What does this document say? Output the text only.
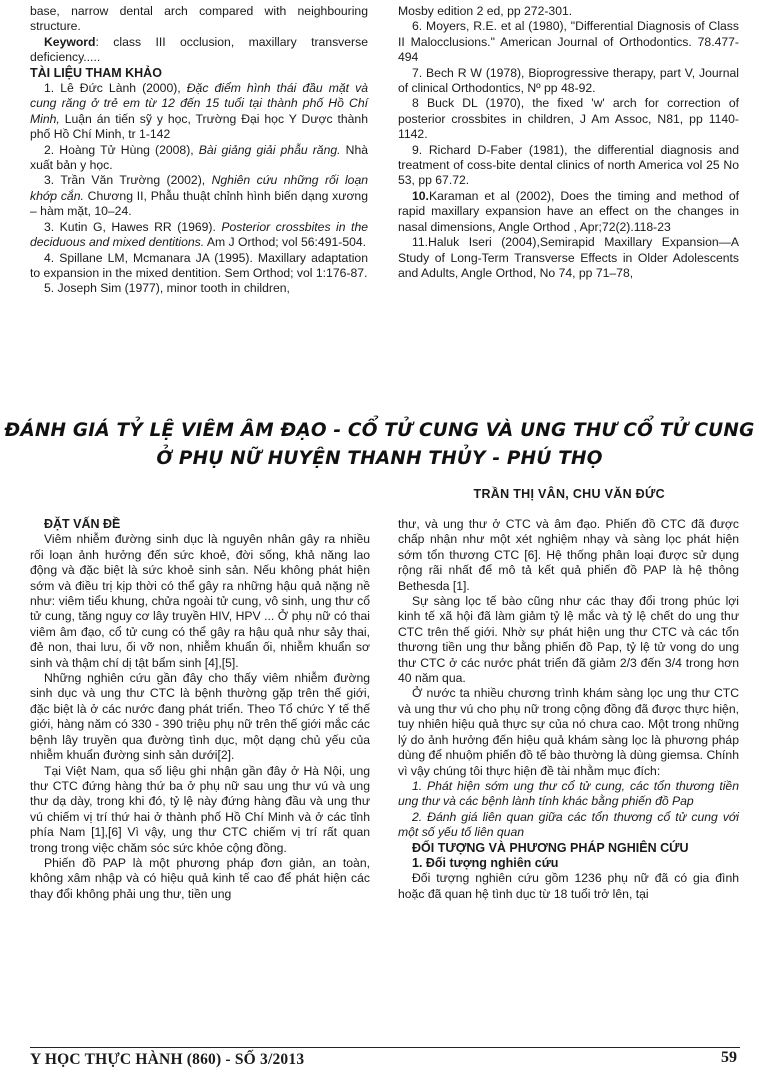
base, narrow dental arch compared with neighbouring structure.

Keyword: class III occlusion, maxillary transverse deficiency.....

TÀI LIỆU THAM KHẢO

1. Lê Đức Lành (2000), Đặc điểm hình thái đầu mặt và cung răng ở trẻ em từ 12 đến 15 tuổi tại thành phố Hồ Chí Minh, Luận án tiến sỹ y học, Trường Đại học Y Dược thành phố Hồ Chí Minh, tr 1-142

2. Hoàng Tử Hùng (2008), Bài giảng giải phẫu răng. Nhà xuất bản y học.

3. Trần Văn Trường (2002), Nghiên cứu những rối loạn khớp cắn. Chương II, Phẫu thuật chỉnh hình biến dạng xương – hàm mặt, 10–24.

3. Kutin G, Hawes RR (1969). Posterior crossbites in the deciduous and mixed dentitions. Am J Orthod; vol 56:491-504.

4. Spillane LM, Mcmanara JA (1995). Maxillary adaptation to expansion in the mixed dentition. Sem Orthod; vol 1:176-87.

5. Joseph Sim (1977), minor tooth in children,

Mosby edition 2 ed, pp 272-301.

6. Moyers, R.E. et al (1980), "Differential Diagnosis of Class II Malocclusions." American Journal of Orthodontics. 78.477-494

7. Bech R W (1978), Bioprogressive therapy, part V, Journal of clinical Orthodontics, Nº pp 48-92.

8 Buck DL (1970), the fixed 'w' arch for correction of posterior crossbites in children, J Am Assoc, N81, pp 1140-1142.

9. Richard D-Faber (1981), the differential diagnosis and treatment of coss-bite dental clinics of north America vol 25 No 53, pp 67.72.

10.Karaman et al (2002), Does the timing and method of rapid maxillary expansion have an effect on the changes in nasal dimensions, Angle Orthod , Apr;72(2).118-23

11.Haluk Iseri (2004),Semirapid Maxillary Expansion—A Study of Long-Term Transverse Effects in Older Adolescents and Adults, Angle Orthod, No 74, pp 71–78,

ĐÁNH GIÁ TỶ LỆ VIÊM ÂM ĐẠO - CỔ TỬ CUNG VÀ UNG THƯ CỔ TỬ CUNG
Ở PHỤ NỮ HUYỆN THANH THỦY - PHÚ THỌ
TRẦN THỊ VÂN, CHU VĂN ĐỨC

ĐẶT VẤN ĐỀ

Viêm nhiễm đường sinh dục là nguyên nhân gây ra nhiều rối loạn ảnh hưởng đến sức khoẻ, đời sống, khả năng lao động và đặc biệt là sức khoẻ sinh sản. Nếu không phát hiện sớm và điều trị kịp thời có thể gây ra những hậu quả nặng nề như: viêm tiểu khung, chửa ngoài tử cung, vô sinh, ung thư cổ tử cung, tăng nguy cơ lây truyền HIV, HPV ... Ở phụ nữ có thai viêm âm đạo, cổ tử cung có thể gây ra hậu quả như sảy thai, đẻ non, thai lưu, ối vỡ non, nhiễm khuẩn ối, nhiễm khuẩn sơ sinh và thậm chí dị tật bẩm sinh [4],[5].

Những nghiên cứu gần đây cho thấy viêm nhiễm đường sinh dục và ung thư CTC là bệnh thường gặp trên thế giới, đặc biệt là ở các nước đang phát triển. Theo Tổ chức Y tế thế giới, hàng năm có 330 - 390 triệu phụ nữ trên thế giới mắc các bệnh lây truyền qua đường tình dục, một dạng chủ yếu của nhiễm khuẩn đường sinh sản dưới[2].

Tại Việt Nam, qua số liệu ghi nhận gần đây ở Hà Nội, ung thư CTC đứng hàng thứ ba ở phụ nữ sau ung thư vú và ung thư dạ dày, trong khi đó, tỷ lệ này đứng hàng đầu và ung thư vú chiếm vị trí thứ hai ở thành phố Hồ Chí Minh và ở các tỉnh phía Nam [1],[6] Vì vậy, ung thư CTC chiếm vị trí rất quan trong trong việc chăm sóc sức khỏe cộng đồng.

Phiến đồ PAP là một phương pháp đơn giản, an toàn, không xâm nhập và có hiệu quả kinh tế cao để phát hiện các thay đổi không phải ung thư, tiền ung

thư, và ung thư ở CTC và âm đạo. Phiến đồ CTC đã được chấp nhận như một xét nghiệm nhạy và sàng lọc phát hiện sớm tổn thương CTC [6]. Hệ thống phân loại được sử dụng rộng rãi nhất để mô tả kết quả phiến đồ PAP là hệ thông Bethesda [1].

Sự sàng lọc tế bào cũng như các thay đổi trong phúc lợi kinh tế xã hội đã làm giảm tỷ lệ mắc và tỷ lệ chết do ung thư CTC trên thế giới. Nhờ sự phát hiện ung thư CTC và các tổn thương tiền ung thư bằng phiến đồ Pap, tỷ lệ tử vong do ung thư CTC ở các nước phát triển đã giảm 2/3 đến 3/4 trong hơn 40 năm qua.

Ở nước ta nhiều chương trình khám sàng lọc ung thư CTC và ung thư vú cho phụ nữ trong cộng đồng đã được thực hiện, tuy nhiên hiệu quả thực sự của nó chưa cao. Một trong những lý do ảnh hưởng đến hiệu quả khám sàng lọc là phương pháp dùng để nhuộm phiến đồ tế bào thường là dùng giemsa. Chính vì vậy chúng tôi thực hiện đề tài nhằm mục đích:

1. Phát hiện sớm ung thư cổ tử cung, các tổn thương tiền ung thư và các bệnh lành tính khác bằng phiến đồ Pap

2. Đánh giá liên quan giữa các tổn thương cổ tử cung với một số yếu tố liên quan

ĐỐI TƯỢNG VÀ PHƯƠNG PHÁP NGHIÊN CỨU

1. Đối tượng nghiên cứu

Đối tượng nghiên cứu gồm 1236 phụ nữ đã có gia đình hoặc đã quan hệ tình dục từ 18 tuổi trở lên, tại

Y HỌC THỰC HÀNH (860) - SỐ 3/2013	59
